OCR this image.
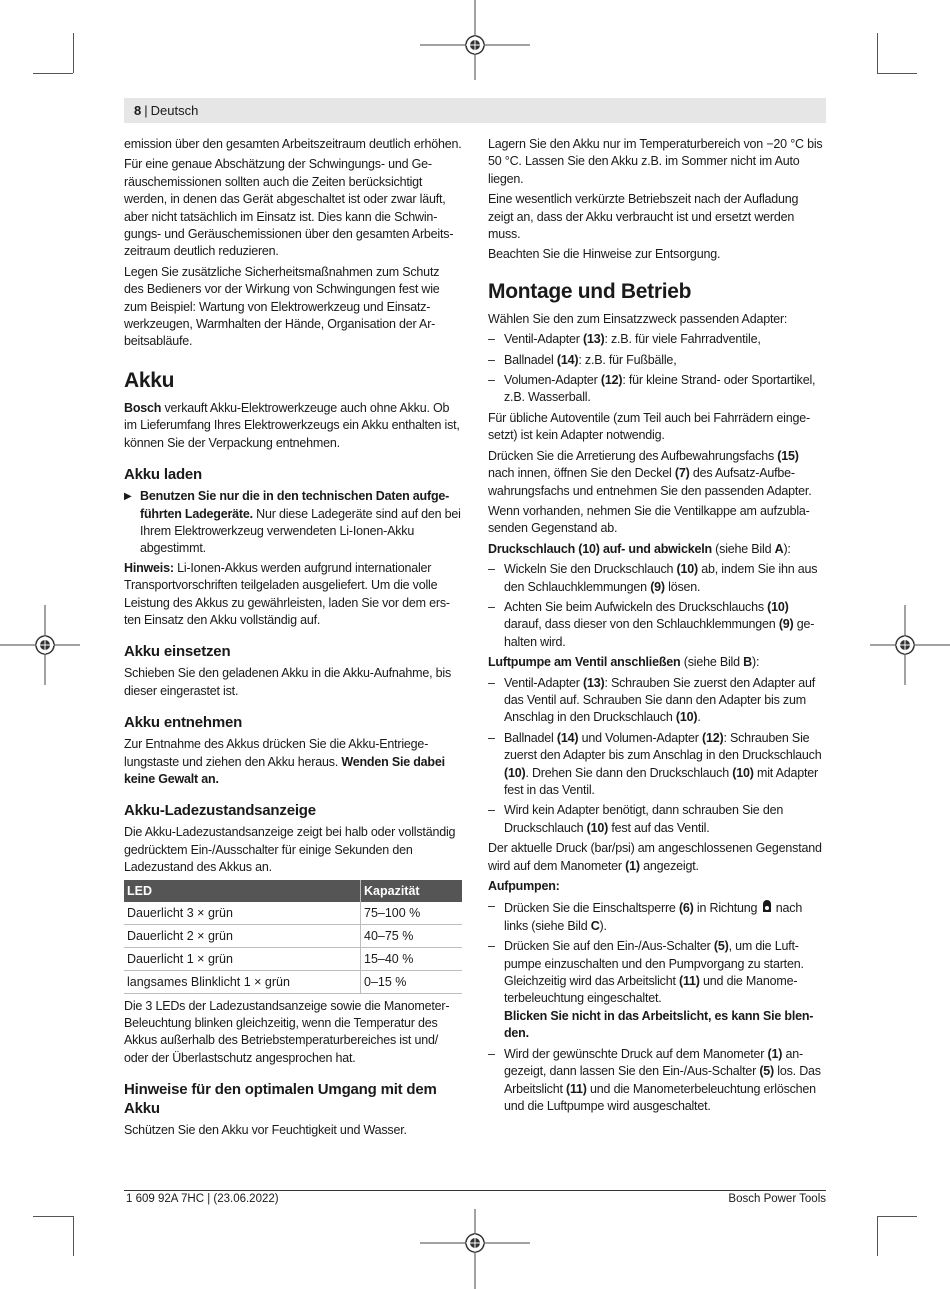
8 | Deutsch

emission über den gesamten Arbeitszeitraum deutlich erhöhen.

Für eine genaue Abschätzung der Schwingungs- und Geräuschemissionen sollten auch die Zeiten berücksichtigt werden, in denen das Gerät abgeschaltet ist oder zwar läuft, aber nicht tatsächlich im Einsatz ist. Dies kann die Schwingungs- und Geräuschemissionen über den gesamten Arbeitszeitraum deutlich reduzieren.

Legen Sie zusätzliche Sicherheitsmaßnahmen zum Schutz des Bedieners vor der Wirkung von Schwingungen fest wie zum Beispiel: Wartung von Elektrowerkzeug und Einsatzwerkzeugen, Warmhalten der Hände, Organisation der Arbeitsabläufe.

Akku

Bosch verkauft Akku-Elektrowerkzeuge auch ohne Akku. Ob im Lieferumfang Ihres Elektrowerkzeugs ein Akku enthalten ist, können Sie der Verpackung entnehmen.

Akku laden
▶ Benutzen Sie nur die in den technischen Daten aufgeführten Ladegeräte. Nur diese Ladegeräte sind auf den bei Ihrem Elektrowerkzeug verwendeten Li-Ionen-Akku abgestimmt.

Hinweis: Li-Ionen-Akkus werden aufgrund internationaler Transportvorschriften teilgeladen ausgeliefert. Um die volle Leistung des Akkus zu gewährleisten, laden Sie vor dem ersten Einsatz den Akku vollständig auf.

Akku einsetzen

Schieben Sie den geladenen Akku in die Akku-Aufnahme, bis dieser eingerastet ist.

Akku entnehmen

Zur Entnahme des Akkus drücken Sie die Akku-Entriegelungstaste und ziehen den Akku heraus. Wenden Sie dabei keine Gewalt an.

Akku-Ladezustandsanzeige

Die Akku-Ladezustandsanzeige zeigt bei halb oder vollständig gedrücktem Ein-/Ausschalter für einige Sekunden den Ladezustand des Akkus an.

LED	Kapazität
Dauerlicht 3 × grün	75–100 %
Dauerlicht 2 × grün	40–75 %
Dauerlicht 1 × grün	15–40 %
langsames Blinklicht 1 × grün	0–15 %

Die 3 LEDs der Ladezustandsanzeige sowie die Manometer-Beleuchtung blinken gleichzeitig, wenn die Temperatur des Akkus außerhalb des Betriebstemperaturbereiches ist und/ oder der Überlastschutz angesprochen hat.

Hinweise für den optimalen Umgang mit dem Akku

Schützen Sie den Akku vor Feuchtigkeit und Wasser.

Lagern Sie den Akku nur im Temperaturbereich von −20 °C bis 50 °C. Lassen Sie den Akku z.B. im Sommer nicht im Auto liegen.

Eine wesentlich verkürzte Betriebszeit nach der Aufladung zeigt an, dass der Akku verbraucht ist und ersetzt werden muss.

Beachten Sie die Hinweise zur Entsorgung.

Montage und Betrieb

Wählen Sie den zum Einsatzzweck passenden Adapter:

– Ventil-Adapter (13): z.B. für viele Fahrradventile,
– Ballnadel (14): z.B. für Fußbälle,
– Volumen-Adapter (12): für kleine Strand- oder Sportartikel, z.B. Wasserball.

Für übliche Autoventile (zum Teil auch bei Fahrrädern eingesetzt) ist kein Adapter notwendig.

Drücken Sie die Arretierung des Aufbewahrungsfachs (15) nach innen, öffnen Sie den Deckel (7) des Aufsatz-Aufbewahrungsfachs und entnehmen Sie den passenden Adapter.

Wenn vorhanden, nehmen Sie die Ventilkappe am aufzublasenden Gegenstand ab.

Druckschlauch (10) auf- und abwickeln (siehe Bild A):

– Wickeln Sie den Druckschlauch (10) ab, indem Sie ihn aus den Schlauchklemmungen (9) lösen.
– Achten Sie beim Aufwickeln des Druckschlauchs (10) darauf, dass dieser von den Schlauchklemmungen (9) gehalten wird.

Luftpumpe am Ventil anschließen (siehe Bild B):

– Ventil-Adapter (13): Schrauben Sie zuerst den Adapter auf das Ventil auf. Schrauben Sie dann den Adapter bis zum Anschlag in den Druckschlauch (10).
– Ballnadel (14) und Volumen-Adapter (12): Schrauben Sie zuerst den Adapter bis zum Anschlag in den Druckschlauch (10). Drehen Sie dann den Druckschlauch (10) mit Adapter fest in das Ventil.
– Wird kein Adapter benötigt, dann schrauben Sie den Druckschlauch (10) fest auf das Ventil.

Der aktuelle Druck (bar/psi) am angeschlossenen Gegenstand wird auf dem Manometer (1) angezeigt.

Aufpumpen:

– Drücken Sie die Einschaltsperre (6) in Richtung  nach links (siehe Bild C).
– Drücken Sie auf den Ein-/Aus-Schalter (5), um die Luftpumpe einzuschalten und den Pumpvorgang zu starten. Gleichzeitig wird das Arbeitslicht (11) und die Manometerbeleuchtung eingeschaltet.
Blicken Sie nicht in das Arbeitslicht, es kann Sie blenden.
– Wird der gewünschte Druck auf dem Manometer (1) angezeigt, dann lassen Sie den Ein-/Aus-Schalter (5) los. Das Arbeitslicht (11) und die Manometerbeleuchtung erlöschen und die Luftpumpe wird ausgeschaltet.
1 609 92A 7HC | (23.06.2022)	Bosch Power Tools
